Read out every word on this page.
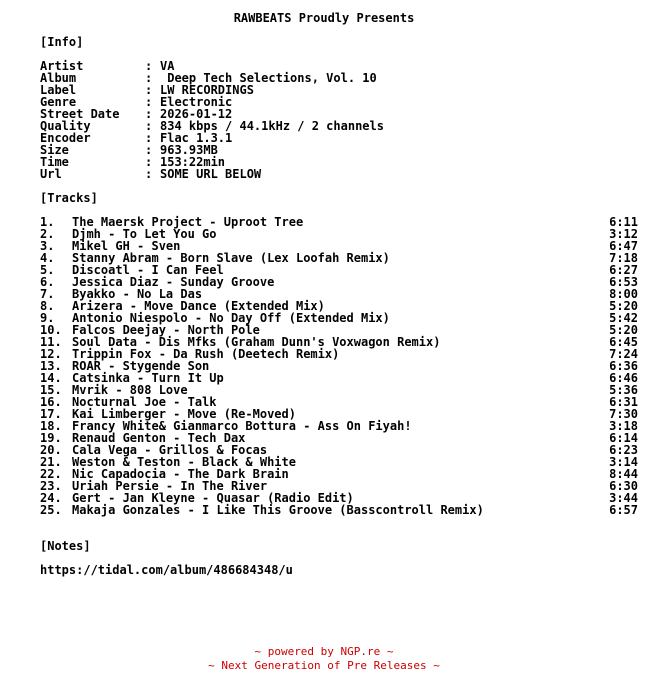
RAWBEATS Proudly Presents
[Info]
Artist	: VA
Album	: Deep Tech Selections, Vol. 10
Label	: LW RECORDINGS
Genre	: Electronic
Street Date : 2026-01-12
Quality	: 834 kbps / 44.1kHz / 2 channels
Encoder	: Flac 1.3.1
Size	: 963.93MB
Time	: 153:22min
Url	: SOME URL BELOW
[Tracks]
1. The Maersk Project - Uproot Tree	6:11
2. Djmh - To Let You Go	3:12
3. Mikel GH - Sven	6:47
4. Stanny Abram - Born Slave (Lex Loofah Remix)	7:18
5. Discoatl - I Can Feel	6:27
6. Jessica Diaz - Sunday Groove	6:53
7. Byakko - No La Das	8:00
8. Arizera - Move Dance (Extended Mix)	5:20
9. Antonio Niespolo - No Day Off (Extended Mix)	5:42
10. Falcos Deejay - North Pole	5:20
11. Soul Data - Dis Mfks (Graham Dunn's Voxwagon Remix)	6:45
12. Trippin Fox - Da Rush (Deetech Remix)	7:24
13. ROAR - Stygende Son	6:36
14. Catsinka - Turn It Up	6:46
15. Mvrik - 808 Love	5:36
16. Nocturnal Joe - Talk	6:31
17. Kai Limberger - Move (Re-Moved)	7:30
18. Francy White& Gianmarco Bottura - Ass On Fiyah!	3:18
19. Renaud Genton - Tech Dax	6:14
20. Cala Vega - Grillos & Focas	6:23
21. Weston & Teston - Black & White	3:14
22. Nic Capadocia - The Dark Brain	8:44
23. Uriah Persie - In The River	6:30
24. Gert - Jan Kleyne - Quasar (Radio Edit)	3:44
25. Makaja Gonzales - I Like This Groove (Basscontroll Remix)	6:57
[Notes]
https://tidal.com/album/486684348/u
~ powered by NGP.re ~
~ Next Generation of Pre Releases ~
